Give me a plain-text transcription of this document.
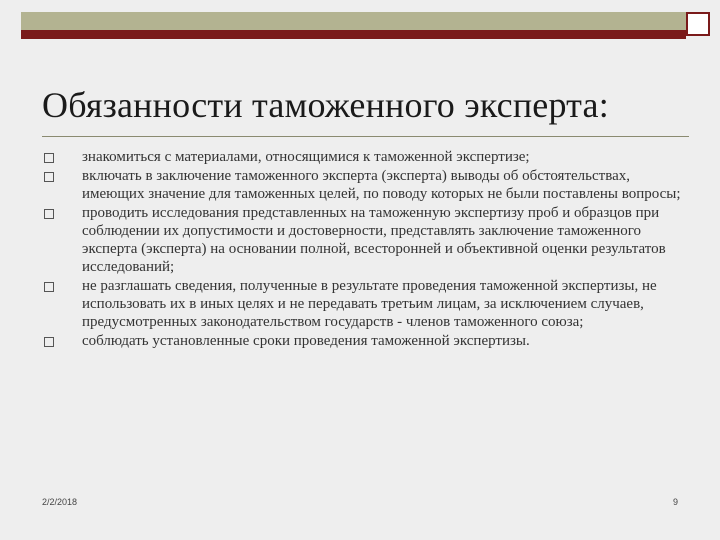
Обязанности таможенного эксперта:
знакомиться с материалами, относящимися к таможенной экспертизе;
включать в заключение таможенного эксперта (эксперта) выводы об обстоятельствах, имеющих значение для таможенных целей, по поводу которых не были поставлены вопросы;
проводить исследования представленных на таможенную экспертизу проб и образцов при соблюдении их допустимости и достоверности, представлять заключение таможенного эксперта (эксперта) на основании полной, всесторонней и объективной оценки результатов исследований;
не разглашать сведения, полученные в результате проведения таможенной экспертизы, не использовать их в иных целях и не передавать третьим лицам, за исключением случаев, предусмотренных законодательством государств - членов таможенного союза;
соблюдать установленные сроки проведения таможенной экспертизы.
2/2/2018	9
